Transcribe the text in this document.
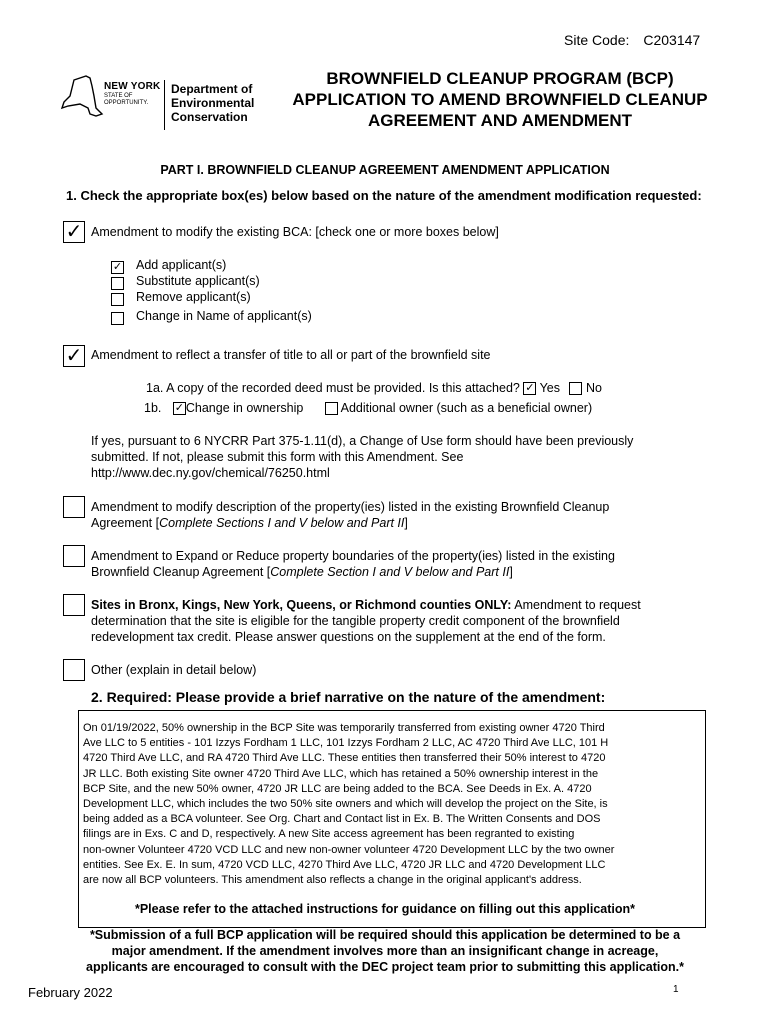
Site Code: C203147
NEW YORK
STATE OF
OPPORTUNITY.
Department of
Environmental
Conservation
BROWNFIELD CLEANUP PROGRAM (BCP)
APPLICATION TO AMEND BROWNFIELD CLEANUP
AGREEMENT AND AMENDMENT
PART I. BROWNFIELD CLEANUP AGREEMENT AMENDMENT APPLICATION
1. Check the appropriate box(es) below based on the nature of the amendment modification requested:
✓ Amendment to modify the existing BCA: [check one or more boxes below]
✓ Add applicant(s)
Substitute applicant(s)
Remove applicant(s)
Change in Name of applicant(s)
✓ Amendment to reflect a transfer of title to all or part of the brownfield site
1a. A copy of the recorded deed must be provided. Is this attached? ✓ Yes No
1b. ✓ Change in ownership	Additional owner (such as a beneficial owner)
If yes, pursuant to 6 NYCRR Part 375-1.11(d), a Change of Use form should have been previously
submitted. If not, please submit this form with this Amendment. See
http://www.dec.ny.gov/chemical/76250.html
Amendment to modify description of the property(ies) listed in the existing Brownfield Cleanup
Agreement [Complete Sections I and V below and Part II]
Amendment to Expand or Reduce property boundaries of the property(ies) listed in the existing
Brownfield Cleanup Agreement [Complete Section I and V below and Part II]
Sites in Bronx, Kings, New York, Queens, or Richmond counties ONLY: Amendment to request
determination that the site is eligible for the tangible property credit component of the brownfield
redevelopment tax credit. Please answer questions on the supplement at the end of the form.
Other (explain in detail below)
2. Required: Please provide a brief narrative on the nature of the amendment:
On 01/19/2022, 50% ownership in the BCP Site was temporarily transferred from existing owner 4720 Third
Ave LLC to 5 entities - 101 Izzys Fordham 1 LLC, 101 Izzys Fordham 2 LLC, AC 4720 Third Ave LLC, 101 H
4720 Third Ave LLC, and RA 4720 Third Ave LLC. These entities then transferred their 50% interest to 4720
JR LLC. Both existing Site owner 4720 Third Ave LLC, which has retained a 50% ownership interest in the
BCP Site, and the new 50% owner, 4720 JR LLC are being added to the BCA. See Deeds in Ex. A. 4720
Development LLC, which includes the two 50% site owners and which will develop the project on the Site, is
being added as a BCA volunteer. See Org. Chart and Contact list in Ex. B. The Written Consents and DOS
filings are in Exs. C and D, respectively. A new Site access agreement has been regranted to existing
non-owner Volunteer 4720 VCD LLC and new non-owner volunteer 4720 Development LLC by the two owner
entities. See Ex. E. In sum, 4720 VCD LLC, 4270 Third Ave LLC, 4720 JR LLC and 4720 Development LLC
are now all BCP volunteers. This amendment also reflects a change in the original applicant's address.
*Please refer to the attached instructions for guidance on filling out this application*
*Submission of a full BCP application will be required should this application be determined to be a
major amendment. If the amendment involves more than an insignificant change in acreage,
applicants are encouraged to consult with the DEC project team prior to submitting this application.*
February 2022	1
